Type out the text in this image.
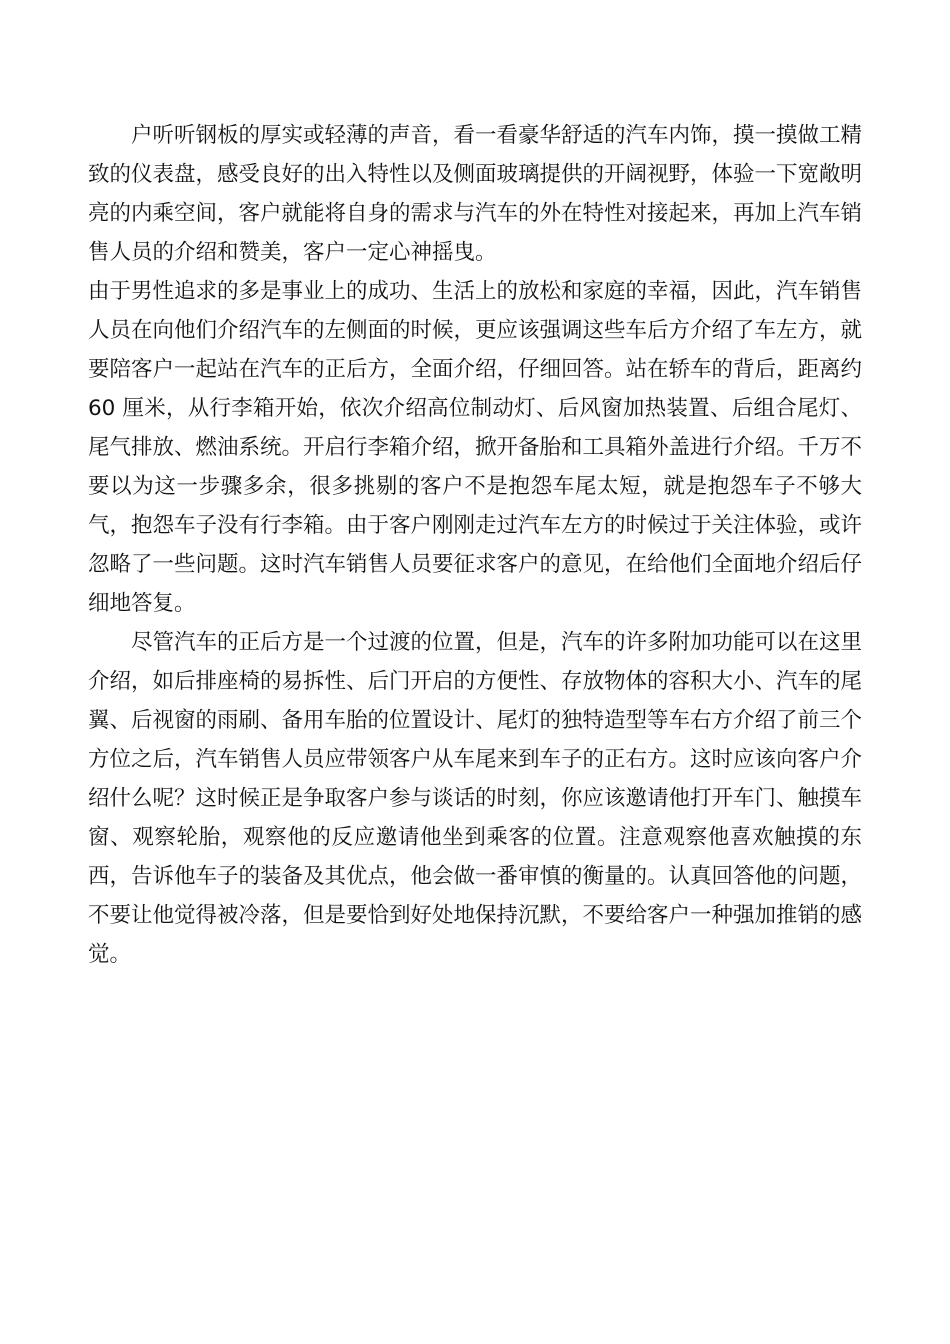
户听听钢板的厚实或轻薄的声音，看一看豪华舒适的汽车内饰，摸一摸做工精致的仪表盘，感受良好的出入特性以及侧面玻璃提供的开阔视野，体验一下宽敞明亮的内乘空间，客户就能将自身的需求与汽车的外在特性对接起来，再加上汽车销售人员的介绍和赞美，客户一定心神摇曳。

由于男性追求的多是事业上的成功、生活上的放松和家庭的幸福，因此，汽车销售人员在向他们介绍汽车的左侧面的时候，更应该强调这些车后方介绍了车左方，就要陪客户一起站在汽车的正后方，全面介绍，仔细回答。站在轿车的背后，距离约 60 厘米，从行李箱开始，依次介绍高位制动灯、后风窗加热装置、后组合尾灯、尾气排放、燃油系统。开启行李箱介绍，掀开备胎和工具箱外盖进行介绍。千万不要以为这一步骤多余，很多挑剔的客户不是抱怨车尾太短，就是抱怨车子不够大气，抱怨车子没有行李箱。由于客户刚刚走过汽车左方的时候过于关注体验，或许忽略了一些问题。这时汽车销售人员要征求客户的意见，在给他们全面地介绍后仔细地答复。

尽管汽车的正后方是一个过渡的位置，但是，汽车的许多附加功能可以在这里介绍，如后排座椅的易拆性、后门开启的方便性、存放物体的容积大小、汽车的尾翼、后视窗的雨刷、备用车胎的位置设计、尾灯的独特造型等车右方介绍了前三个方位之后，汽车销售人员应带领客户从车尾来到车子的正右方。这时应该向客户介绍什么呢？这时候正是争取客户参与谈话的时刻，你应该邀请他打开车门、触摸车窗、观察轮胎，观察他的反应邀请他坐到乘客的位置。注意观察他喜欢触摸的东西，告诉他车子的装备及其优点，他会做一番审慎的衡量的。认真回答他的问题，不要让他觉得被冷落，但是要恰到好处地保持沉默，不要给客户一种强加推销的感觉。
